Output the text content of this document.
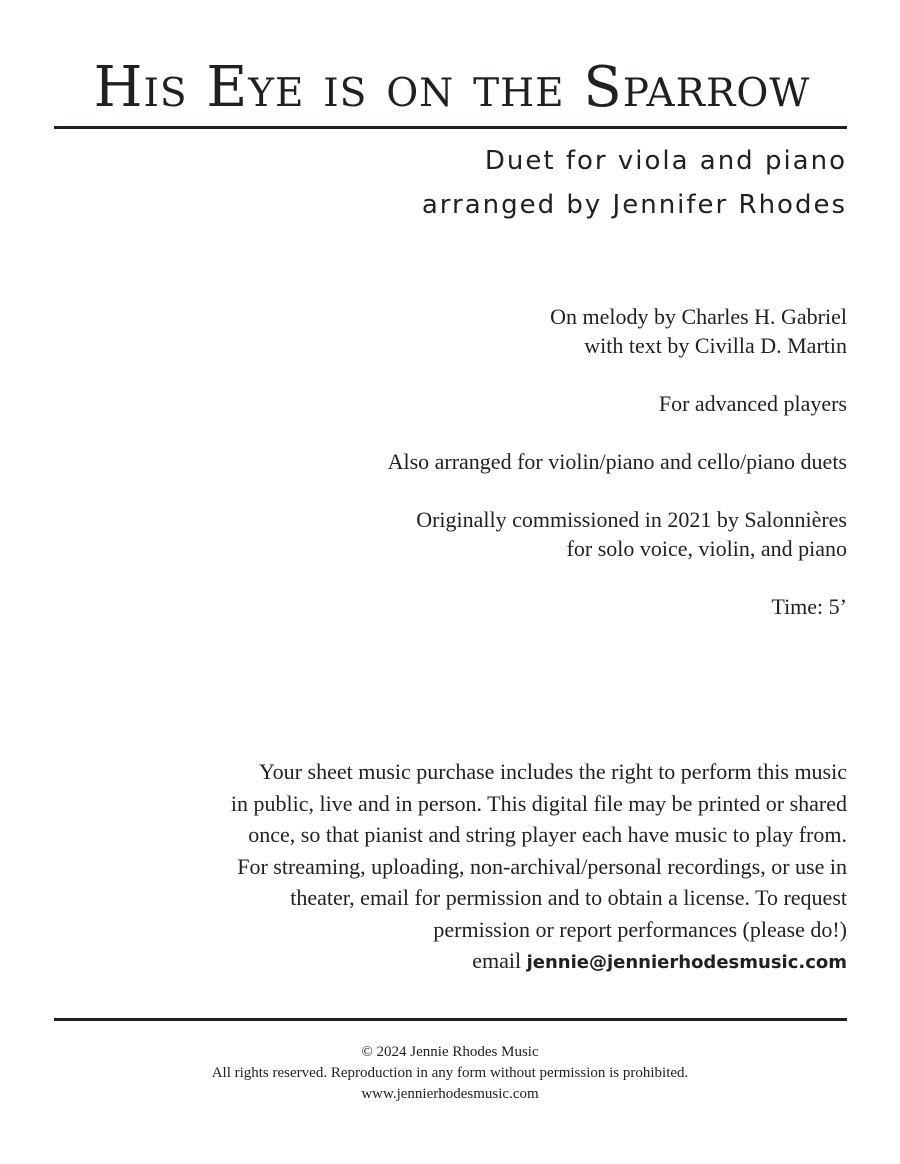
His Eye is on the Sparrow
Duet for viola and piano
arranged by Jennifer Rhodes
On melody by Charles H. Gabriel
with text by Civilla D. Martin
For advanced players
Also arranged for violin/piano and cello/piano duets
Originally commissioned in 2021 by Salonnières
for solo voice, violin, and piano
Time: 5’
Your sheet music purchase includes the right to perform this music
in public, live and in person. This digital file may be printed or shared
once, so that pianist and string player each have music to play from.
For streaming, uploading, non-archival/personal recordings, or use in
theater, email for permission and to obtain a license. To request
permission or report performances (please do!)
email jennie@jennierhodesmusic.com
© 2024 Jennie Rhodes Music
All rights reserved. Reproduction in any form without permission is prohibited.
www.jennierhodesmusic.com
